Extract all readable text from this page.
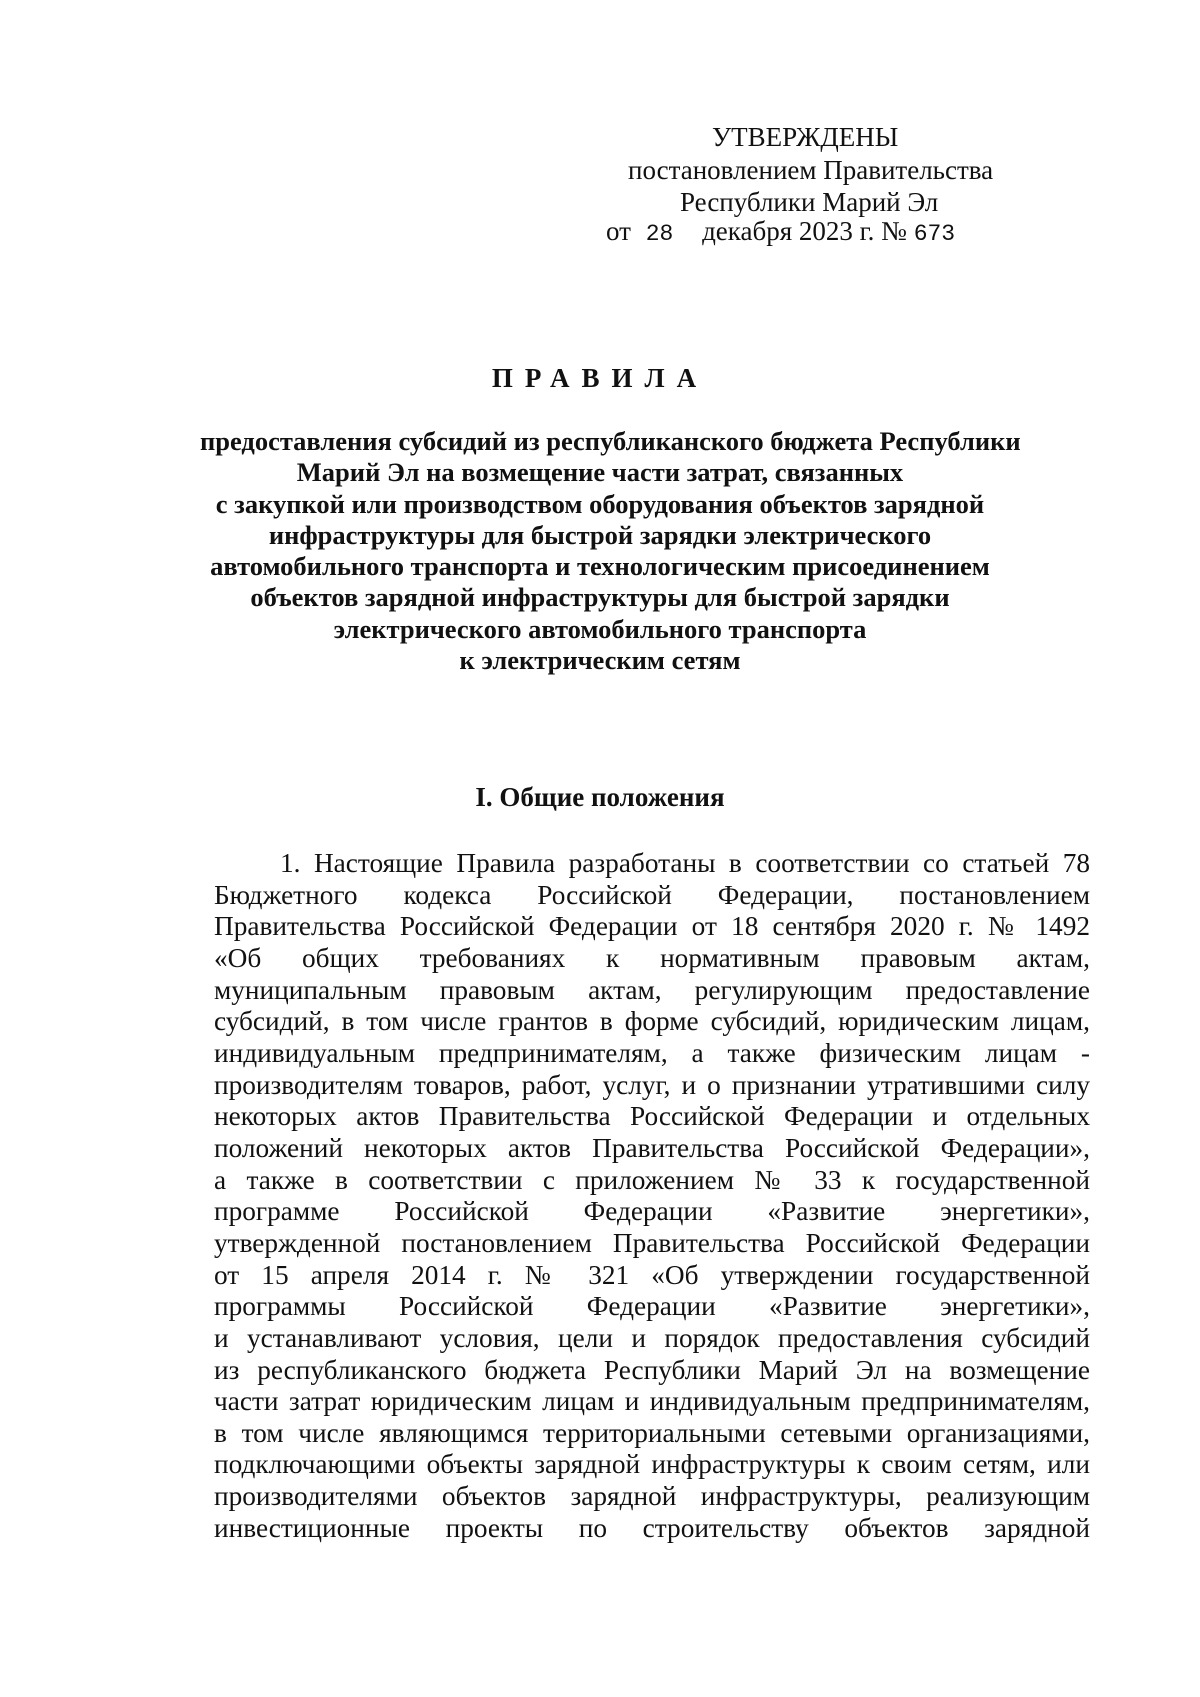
УТВЕРЖДЕНЫ
постановлением Правительства
Республики Марий Эл
от 28 декабря 2023 г. № 673
ПРАВИЛА
предоставления субсидий из республиканского бюджета Республики
Марий Эл на возмещение части затрат, связанных
с закупкой или производством оборудования объектов зарядной
инфраструктуры для быстрой зарядки электрического
автомобильного транспорта и технологическим присоединением
объектов зарядной инфраструктуры для быстрой зарядки
электрического автомобильного транспорта
к электрическим сетям
I. Общие положения
1. Настоящие Правила разработаны в соответствии со статьей 78
Бюджетного кодекса Российской Федерации, постановлением
Правительства Российской Федерации от 18 сентября 2020 г. № 1492
«Об общих требованиях к нормативным правовым актам,
муниципальным правовым актам, регулирующим предоставление
субсидий, в том числе грантов в форме субсидий, юридическим лицам,
индивидуальным предпринимателям, а также физическим лицам -
производителям товаров, работ, услуг, и о признании утратившими силу
некоторых актов Правительства Российской Федерации и отдельных
положений некоторых актов Правительства Российской Федерации»,
а также в соответствии с приложением № 33 к государственной
программе Российской Федерации «Развитие энергетики»,
утвержденной постановлением Правительства Российской Федерации
от 15 апреля 2014 г. № 321 «Об утверждении государственной
программы Российской Федерации «Развитие энергетики»,
и устанавливают условия, цели и порядок предоставления субсидий
из республиканского бюджета Республики Марий Эл на возмещение
части затрат юридическим лицам и индивидуальным предпринимателям,
в том числе являющимся территориальными сетевыми организациями,
подключающими объекты зарядной инфраструктуры к своим сетям, или
производителями объектов зарядной инфраструктуры, реализующим
инвестиционные проекты по строительству объектов зарядной
